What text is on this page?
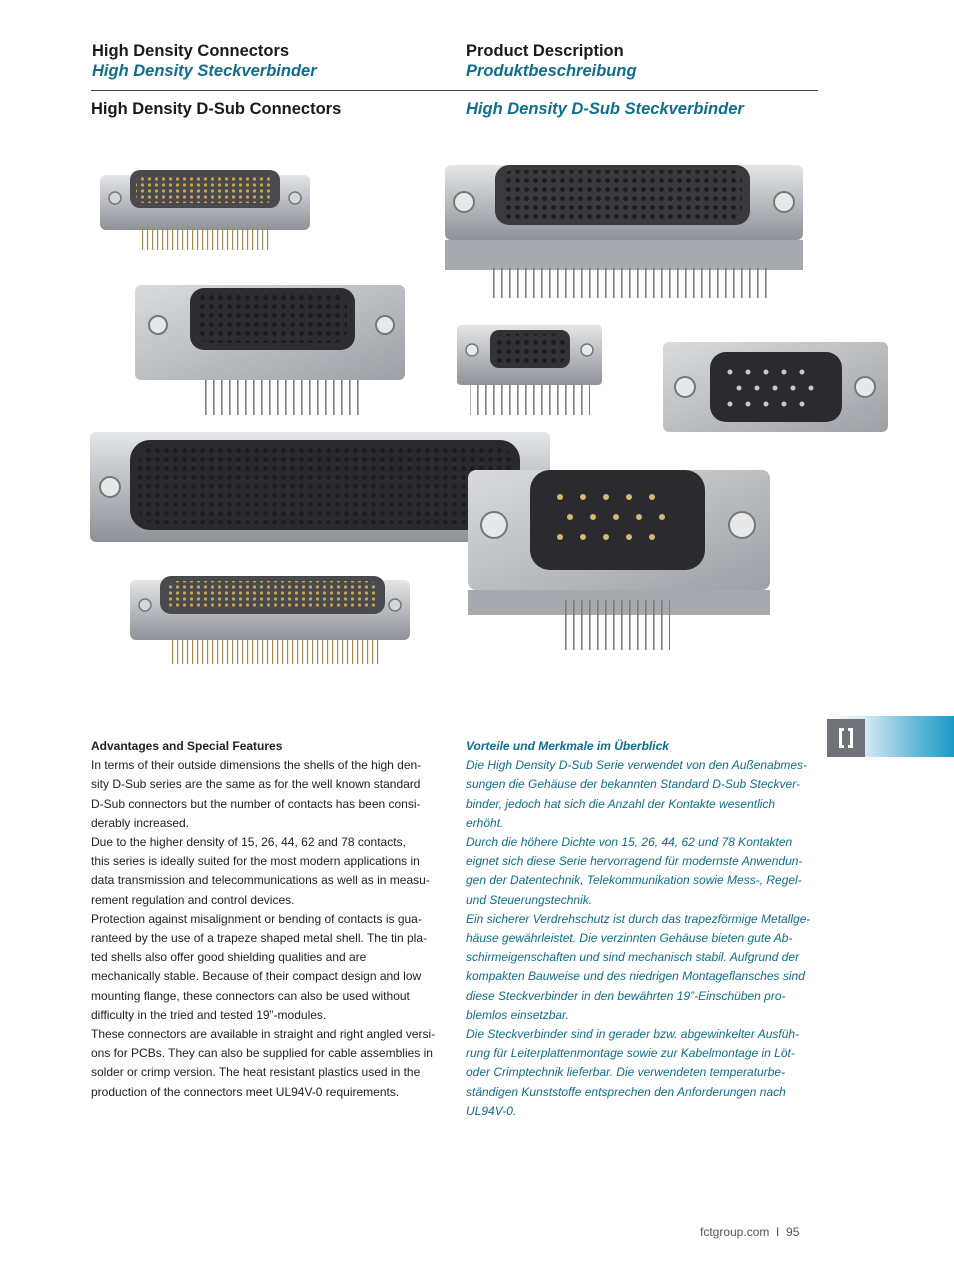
High Density Connectors
High Density Steckverbinder
Product Description
Produktbeschreibung
High Density D-Sub Connectors	High Density D-Sub Steckverbinder

Advantages and Special Features

In terms of their outside dimensions the shells of the high den-

sity D-Sub series are the same as for the well known standard

D-Sub connectors but the number of contacts has been consi-

derably increased.

Due to the higher density of 15, 26, 44, 62 and 78 contacts,

this series is ideally suited for the most modern applications in

data transmission and telecommunications as well as in measu-

rement regulation and control devices.

Protection against misalignment or bending of contacts is gua-

ranteed by the use of a trapeze shaped metal shell. The tin pla-

ted shells also offer good shielding qualities and are

mechanically stable. Because of their compact design and low

mounting flange, these connectors can also be used without

difficulty in the tried and tested 19”-modules.

These connectors are available in straight and right angled versi-

ons for PCBs. They can also be supplied for cable assemblies in

solder or crimp version. The heat resistant plastics used in the

production of the connectors meet UL94V-0 requirements.

Vorteile und Merkmale im Überblick

Die High Density D-Sub Serie verwendet von den Außenabmes-

sungen die Gehäuse der bekannten Standard D-Sub Steckver-

binder, jedoch hat sich die Anzahl der Kontakte wesentlich

erhöht.

Durch die höhere Dichte von 15, 26, 44, 62 und 78 Kontakten

eignet sich diese Serie hervorragend für modernste Anwendun-

gen der Datentechnik, Telekommunikation sowie Mess-, Regel-

und Steuerungstechnik.

Ein sicherer Verdrehschutz ist durch das trapezförmige Metallge-

häuse gewährleistet. Die verzinnten Gehäuse bieten gute Ab-

schirmeigenschaften und sind mechanisch stabil. Aufgrund der

kompakten Bauweise und des niedrigen Montageflansches sind

diese Steckverbinder in den bewährten 19”-Einschüben pro-

blemlos einsetzbar.

Die Steckverbinder sind in gerader bzw. abgewinkelter Ausfüh-

rung für Leiterplattenmontage sowie zur Kabelmontage in Löt-

oder Crimptechnik lieferbar. Die verwendeten temperaturbe-

ständigen Kunststoffe entsprechen den Anforderungen nach

UL94V-0.

fctgroup.com  I  95
